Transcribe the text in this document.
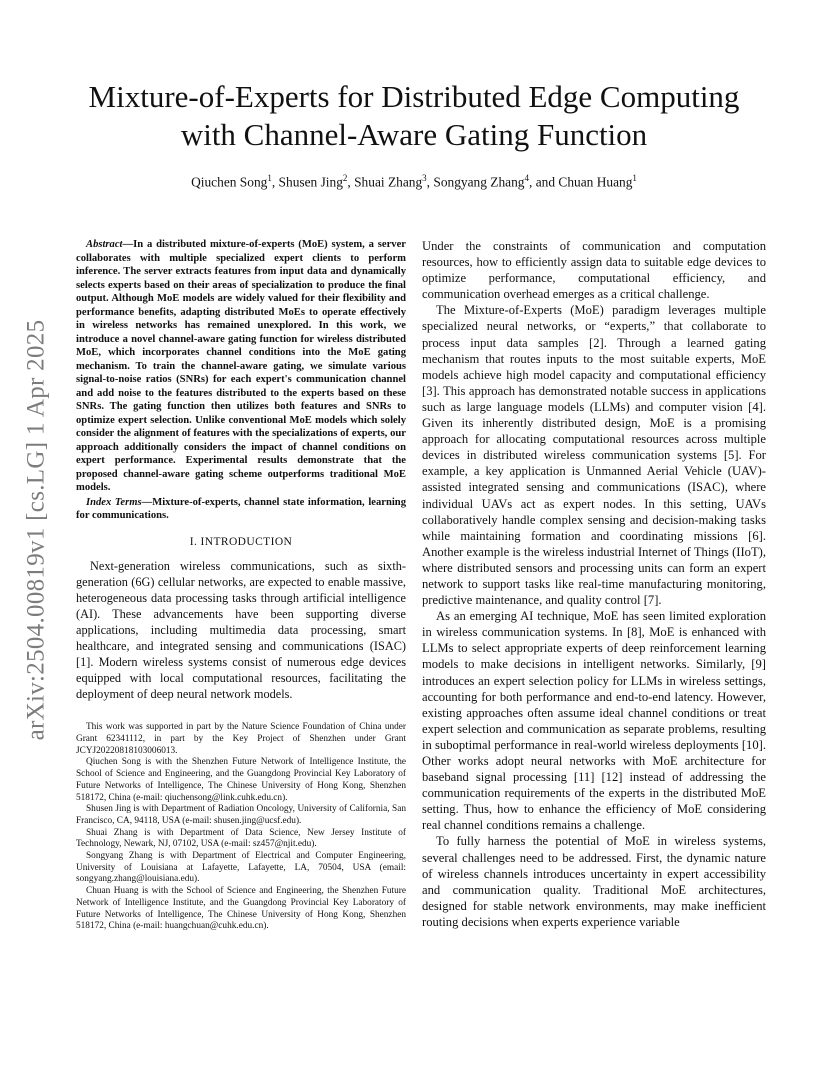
arXiv:2504.00819v1 [cs.LG] 1 Apr 2025
Mixture-of-Experts for Distributed Edge Computing
with Channel-Aware Gating Function

Qiuchen Song$^1$, Shusen Jing$^2$, Shuai Zhang$^3$, Songyang Zhang$^4$, and Chuan Huang$^1$

Abstract—In a distributed mixture-of-experts (MoE) system, a server collaborates with multiple specialized expert clients to perform inference. The server extracts features from input data and dynamically selects experts based on their areas of specialization to produce the final output. Although MoE models are widely valued for their flexibility and performance benefits, adapting distributed MoEs to operate effectively in wireless networks has remained unexplored. In this work, we introduce a novel channel-aware gating function for wireless distributed MoE, which incorporates channel conditions into the MoE gating mechanism. To train the channel-aware gating, we simulate various signal-to-noise ratios (SNRs) for each expert's communication channel and add noise to the features distributed to the experts based on these SNRs. The gating function then utilizes both features and SNRs to optimize expert selection. Unlike conventional MoE models which solely consider the alignment of features with the specializations of experts, our approach additionally considers the impact of channel conditions on expert performance. Experimental results demonstrate that the proposed channel-aware gating scheme outperforms traditional MoE models.

Index Terms—Mixture-of-experts, channel state information, learning for communications.

I. INTRODUCTION

Next-generation wireless communications, such as sixth-generation (6G) cellular networks, are expected to enable massive, heterogeneous data processing tasks through artificial intelligence (AI). These advancements have been supporting diverse applications, including multimedia data processing, smart healthcare, and integrated sensing and communications (ISAC) [1]. Modern wireless systems consist of numerous edge devices equipped with local computational resources, facilitating the deployment of deep neural network models.

This work was supported in part by the Nature Science Foundation of China under Grant 62341112, in part by the Key Project of Shenzhen under Grant JCYJ20220818103006013.

Qiuchen Song is with the Shenzhen Future Network of Intelligence Institute, the School of Science and Engineering, and the Guangdong Provincial Key Laboratory of Future Networks of Intelligence, The Chinese University of Hong Kong, Shenzhen 518172, China (e-mail: qiuchensong@link.cuhk.edu.cn).

Shusen Jing is with Department of Radiation Oncology, University of California, San Francisco, CA, 94118, USA (e-mail: shusen.jing@ucsf.edu).

Shuai Zhang is with Department of Data Science, New Jersey Institute of Technology, Newark, NJ, 07102, USA (e-mail: sz457@njit.edu).

Songyang Zhang is with Department of Electrical and Computer Engineering, University of Louisiana at Lafayette, Lafayette, LA, 70504, USA (email: songyang.zhang@louisiana.edu).

Chuan Huang is with the School of Science and Engineering, the Shenzhen Future Network of Intelligence Institute, and the Guangdong Provincial Key Laboratory of Future Networks of Intelligence, The Chinese University of Hong Kong, Shenzhen 518172, China (e-mail: huangchuan@cuhk.edu.cn).

Under the constraints of communication and computation resources, how to efficiently assign data to suitable edge devices to optimize performance, computational efficiency, and communication overhead emerges as a critical challenge.

The Mixture-of-Experts (MoE) paradigm leverages multiple specialized neural networks, or “experts,” that collaborate to process input data samples [2]. Through a learned gating mechanism that routes inputs to the most suitable experts, MoE models achieve high model capacity and computational efficiency [3]. This approach has demonstrated notable success in applications such as large language models (LLMs) and computer vision [4]. Given its inherently distributed design, MoE is a promising approach for allocating computational resources across multiple devices in distributed wireless communication systems [5]. For example, a key application is Unmanned Aerial Vehicle (UAV)-assisted integrated sensing and communications (ISAC), where individual UAVs act as expert nodes. In this setting, UAVs collaboratively handle complex sensing and decision-making tasks while maintaining formation and coordinating missions [6]. Another example is the wireless industrial Internet of Things (IIoT), where distributed sensors and processing units can form an expert network to support tasks like real-time manufacturing monitoring, predictive maintenance, and quality control [7].

As an emerging AI technique, MoE has seen limited exploration in wireless communication systems. In [8], MoE is enhanced with LLMs to select appropriate experts of deep reinforcement learning models to make decisions in intelligent networks. Similarly, [9] introduces an expert selection policy for LLMs in wireless settings, accounting for both performance and end-to-end latency. However, existing approaches often assume ideal channel conditions or treat expert selection and communication as separate problems, resulting in suboptimal performance in real-world wireless deployments [10]. Other works adopt neural networks with MoE architecture for baseband signal processing [11] [12] instead of addressing the communication requirements of the experts in the distributed MoE setting. Thus, how to enhance the efficiency of MoE considering real channel conditions remains a challenge.

To fully harness the potential of MoE in wireless systems, several challenges need to be addressed. First, the dynamic nature of wireless channels introduces uncertainty in expert accessibility and communication quality. Traditional MoE architectures, designed for stable network environments, may make inefficient routing decisions when experts experience variable
